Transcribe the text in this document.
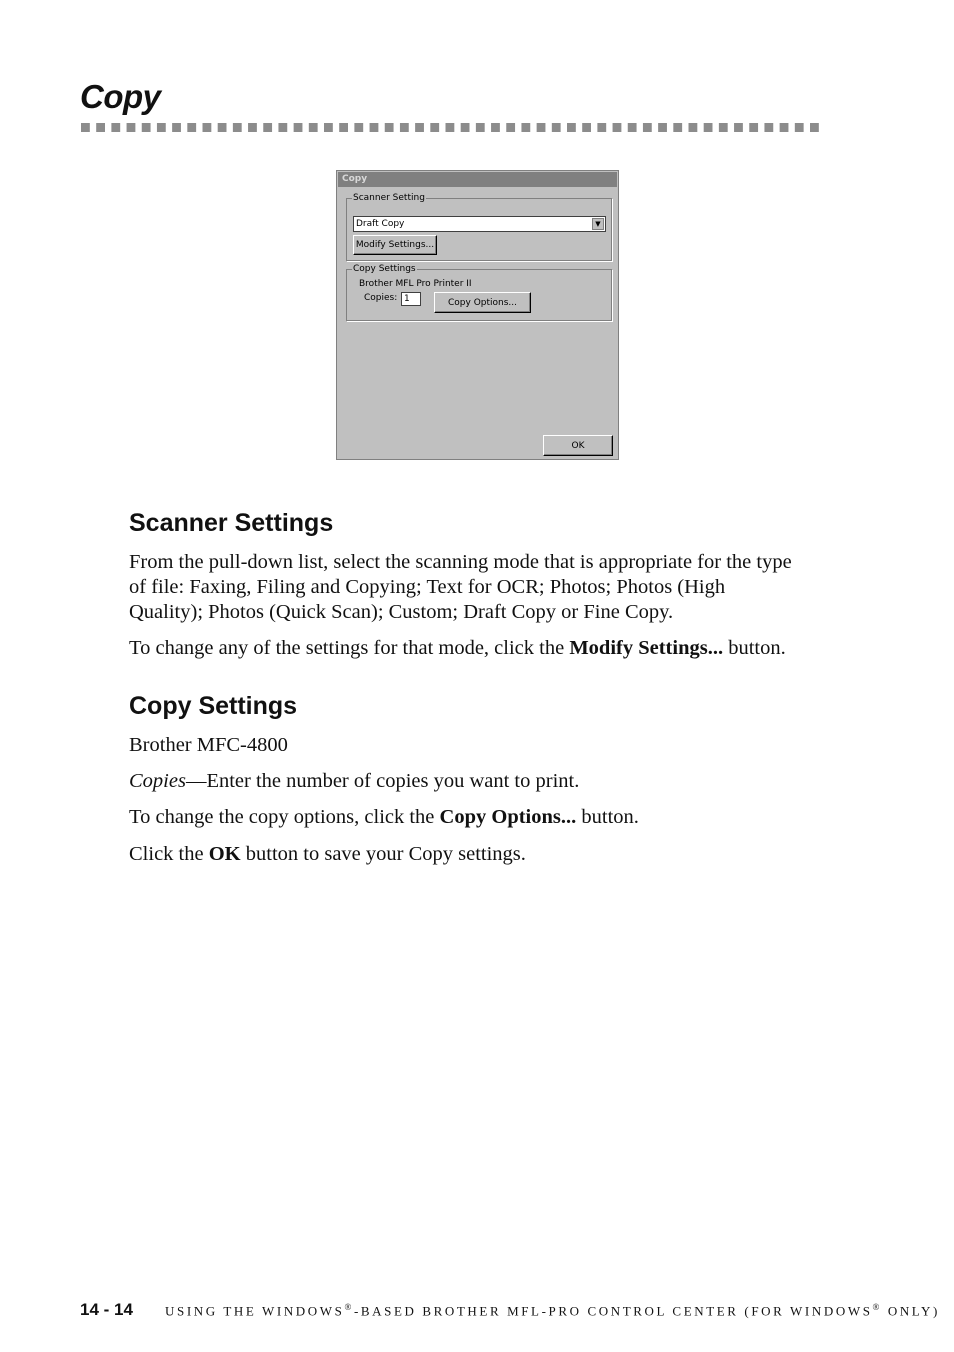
Copy
Copy
Scanner Setting
Draft Copy	▼
Modify Settings...
Copy Settings
Brother MFL Pro Printer II
Copies: 1	Copy Options...
OK
Scanner Settings

From the pull-down list, select the scanning mode that is appropriate for the type

of file: Faxing, Filing and Copying; Text for OCR; Photos; Photos (High

Quality); Photos (Quick Scan); Custom; Draft Copy or Fine Copy.

To change any of the settings for that mode, click the Modify Settings... button.

Copy Settings

Brother MFC-4800

Copies—Enter the number of copies you want to print.

To change the copy options, click the Copy Options... button.

Click the OK button to save your Copy settings.

14 - 14 USING THE WINDOWS®-BASED BROTHER MFL-PRO CONTROL CENTER (FOR WINDOWS® ONLY)
